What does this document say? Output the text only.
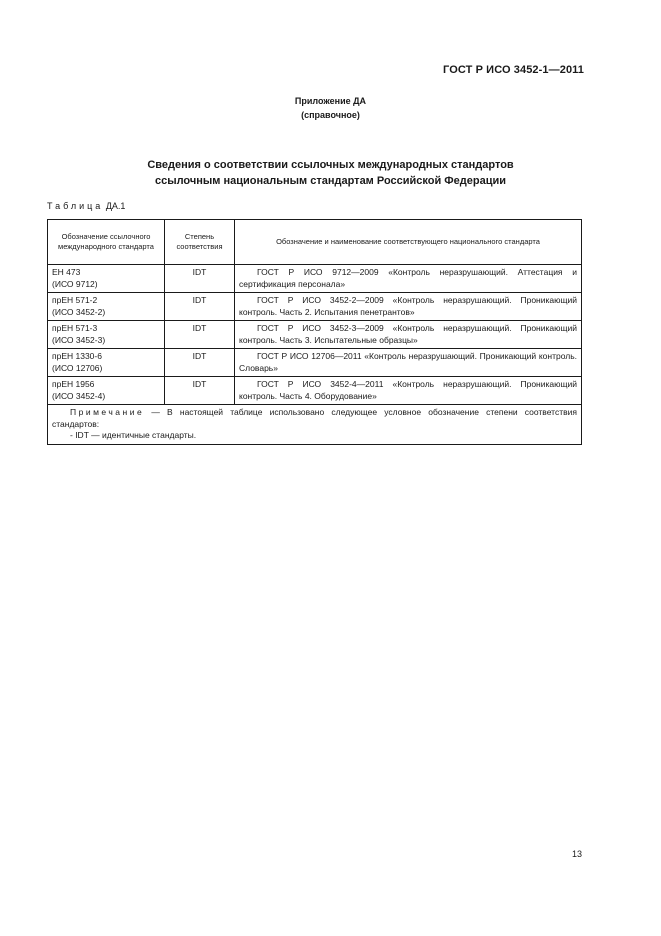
ГОСТ Р ИСО 3452-1—2011
Приложение ДА
(справочное)
Сведения о соответствии ссылочных международных стандартов
ссылочным национальным стандартам Российской Федерации
Таблица ДА.1
Обозначение ссылочного международного стандарта	Степень соответствия	Обозначение и наименование соответствующего национального стандарта

ЕН 473
(ИСО 9712)	IDT	ГОСТ Р ИСО 9712—2009 «Контроль неразрушающий. Аттестация и сертификация персонала»

прЕН 571-2
(ИСО 3452-2)	IDT	ГОСТ Р ИСО 3452-2—2009 «Контроль неразрушающий. Проникающий контроль. Часть 2. Испытания пенетрантов»

прЕН 571-3
(ИСО 3452-3)	IDT	ГОСТ Р ИСО 3452-3—2009 «Контроль неразрушающий. Проникающий контроль. Часть 3. Испытательные образцы»

прЕН 1330-6
(ИСО 12706)	IDT	ГОСТ Р ИСО 12706—2011 «Контроль неразрушающий. Проникающий контроль. Словарь»

прЕН 1956
(ИСО 3452-4)	IDT	ГОСТ Р ИСО 3452-4—2011 «Контроль неразрушающий. Проникающий контроль. Часть 4. Оборудование»

Примечание — В настоящей таблице использовано следующее условное обозначение степени соответствия стандартов:
- IDT — идентичные стандарты.		
13
